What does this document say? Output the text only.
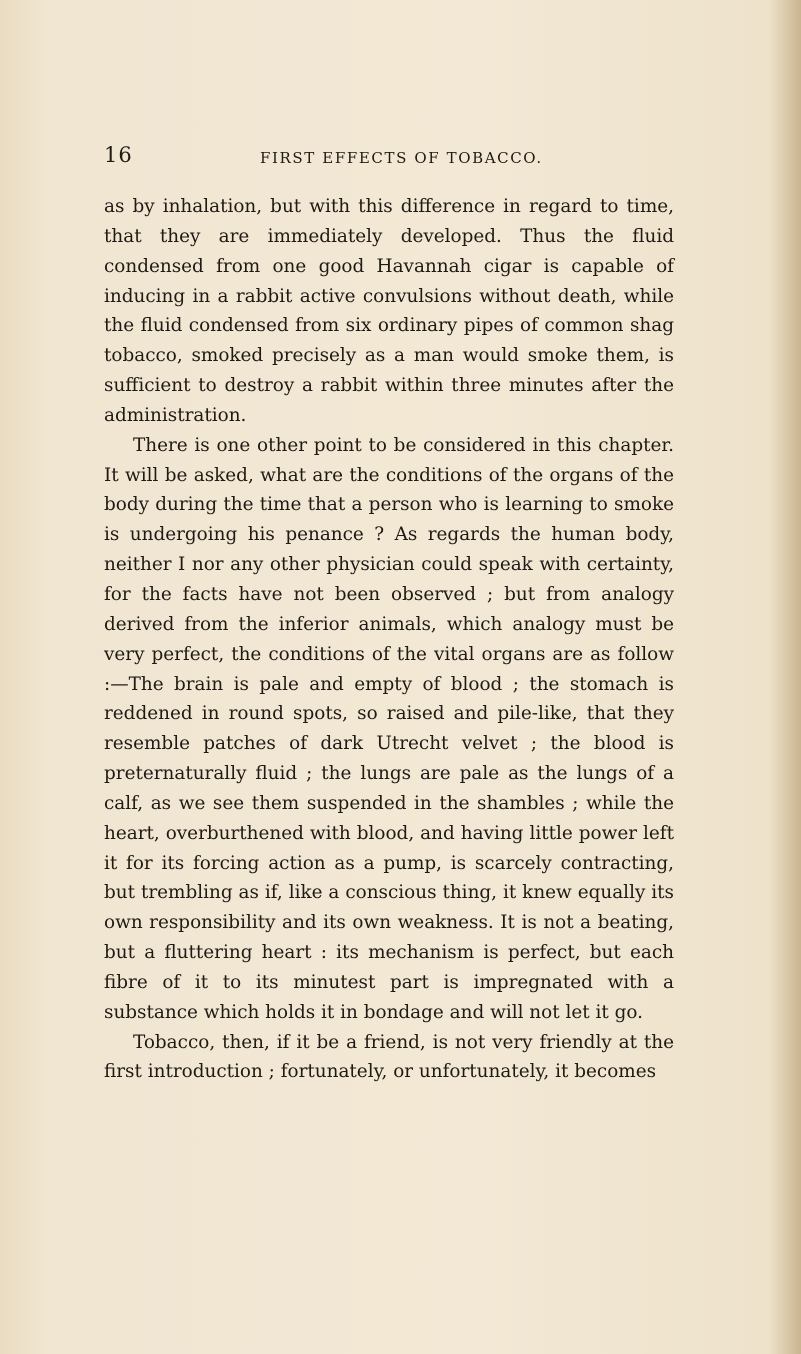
16	FIRST EFFECTS OF TOBACCO.

as by inhalation, but with this difference in regard to time, that they are immediately developed. Thus the fluid condensed from one good Havannah cigar is capable of inducing in a rabbit active convulsions without death, while the fluid condensed from six ordinary pipes of common shag tobacco, smoked precisely as a man would smoke them, is sufficient to destroy a rabbit within three minutes after the administration.

There is one other point to be considered in this chapter. It will be asked, what are the conditions of the organs of the body during the time that a person who is learning to smoke is undergoing his penance ? As regards the human body, neither I nor any other physician could speak with certainty, for the facts have not been observed ; but from analogy derived from the inferior animals, which analogy must be very perfect, the conditions of the vital organs are as follow :—The brain is pale and empty of blood ; the stomach is reddened in round spots, so raised and pile-like, that they resemble patches of dark Utrecht velvet ; the blood is preternaturally fluid ; the lungs are pale as the lungs of a calf, as we see them suspended in the shambles ; while the heart, overburthened with blood, and having little power left it for its forcing action as a pump, is scarcely contracting, but trembling as if, like a conscious thing, it knew equally its own responsibility and its own weakness. It is not a beating, but a fluttering heart : its mechanism is perfect, but each fibre of it to its minutest part is impregnated with a substance which holds it in bondage and will not let it go.

Tobacco, then, if it be a friend, is not very friendly at the first introduction ; fortunately, or unfortunately, it becomes
